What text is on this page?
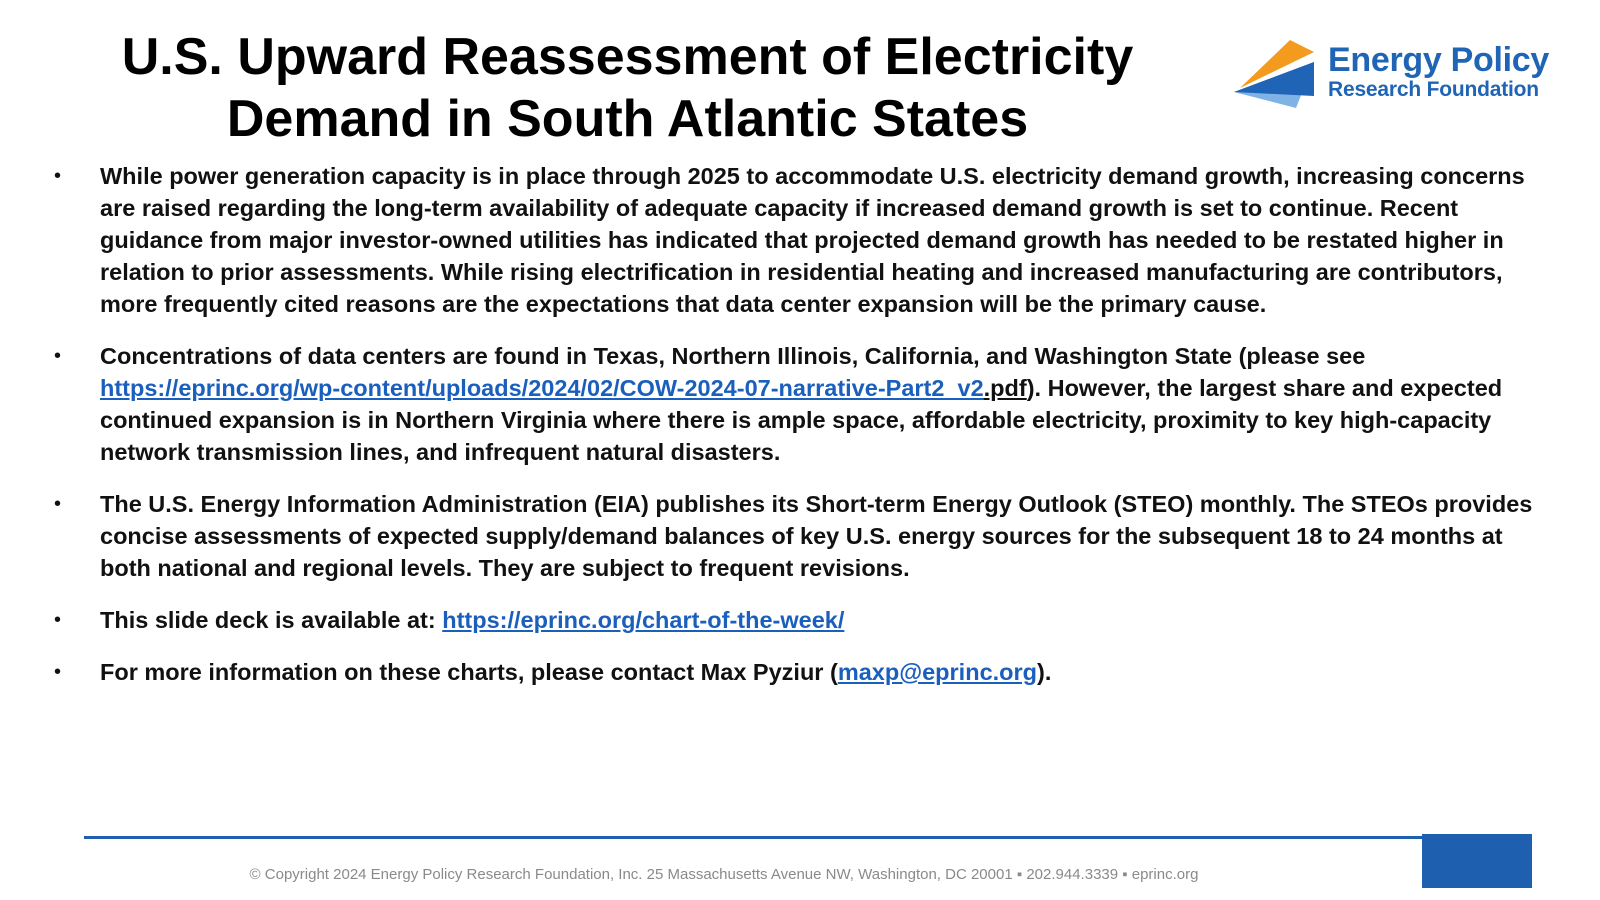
U.S. Upward Reassessment of Electricity
Demand in South Atlantic States
Energy Policy
Research Foundation
• While power generation capacity is in place through 2025 to accommodate U.S. electricity demand growth, increasing concerns are raised regarding the long-term availability of adequate capacity if increased demand growth is set to continue. Recent guidance from major investor-owned utilities has indicated that projected demand growth has needed to be restated higher in relation to prior assessments. While rising electrification in residential heating and increased manufacturing are contributors, more frequently cited reasons are the expectations that data center expansion will be the primary cause.
• Concentrations of data centers are found in Texas, Northern Illinois, California, and Washington State (please see https://eprinc.org/wp-content/uploads/2024/02/COW-2024-07-narrative-Part2_v2.pdf). However, the largest share and expected continued expansion is in Northern Virginia where there is ample space, affordable electricity, proximity to key high-capacity network transmission lines, and infrequent natural disasters.
• The U.S. Energy Information Administration (EIA) publishes its Short-term Energy Outlook (STEO) monthly. The STEOs provides concise assessments of expected supply/demand balances of key U.S. energy sources for the subsequent 18 to 24 months at both national and regional levels. They are subject to frequent revisions.
• This slide deck is available at: https://eprinc.org/chart-of-the-week/
• For more information on these charts, please contact Max Pyziur (maxp@eprinc.org).
© Copyright 2024 Energy Policy Research Foundation, Inc. 25 Massachusetts Avenue NW, Washington, DC 20001 ▪ 202.944.3339 ▪ eprinc.org
